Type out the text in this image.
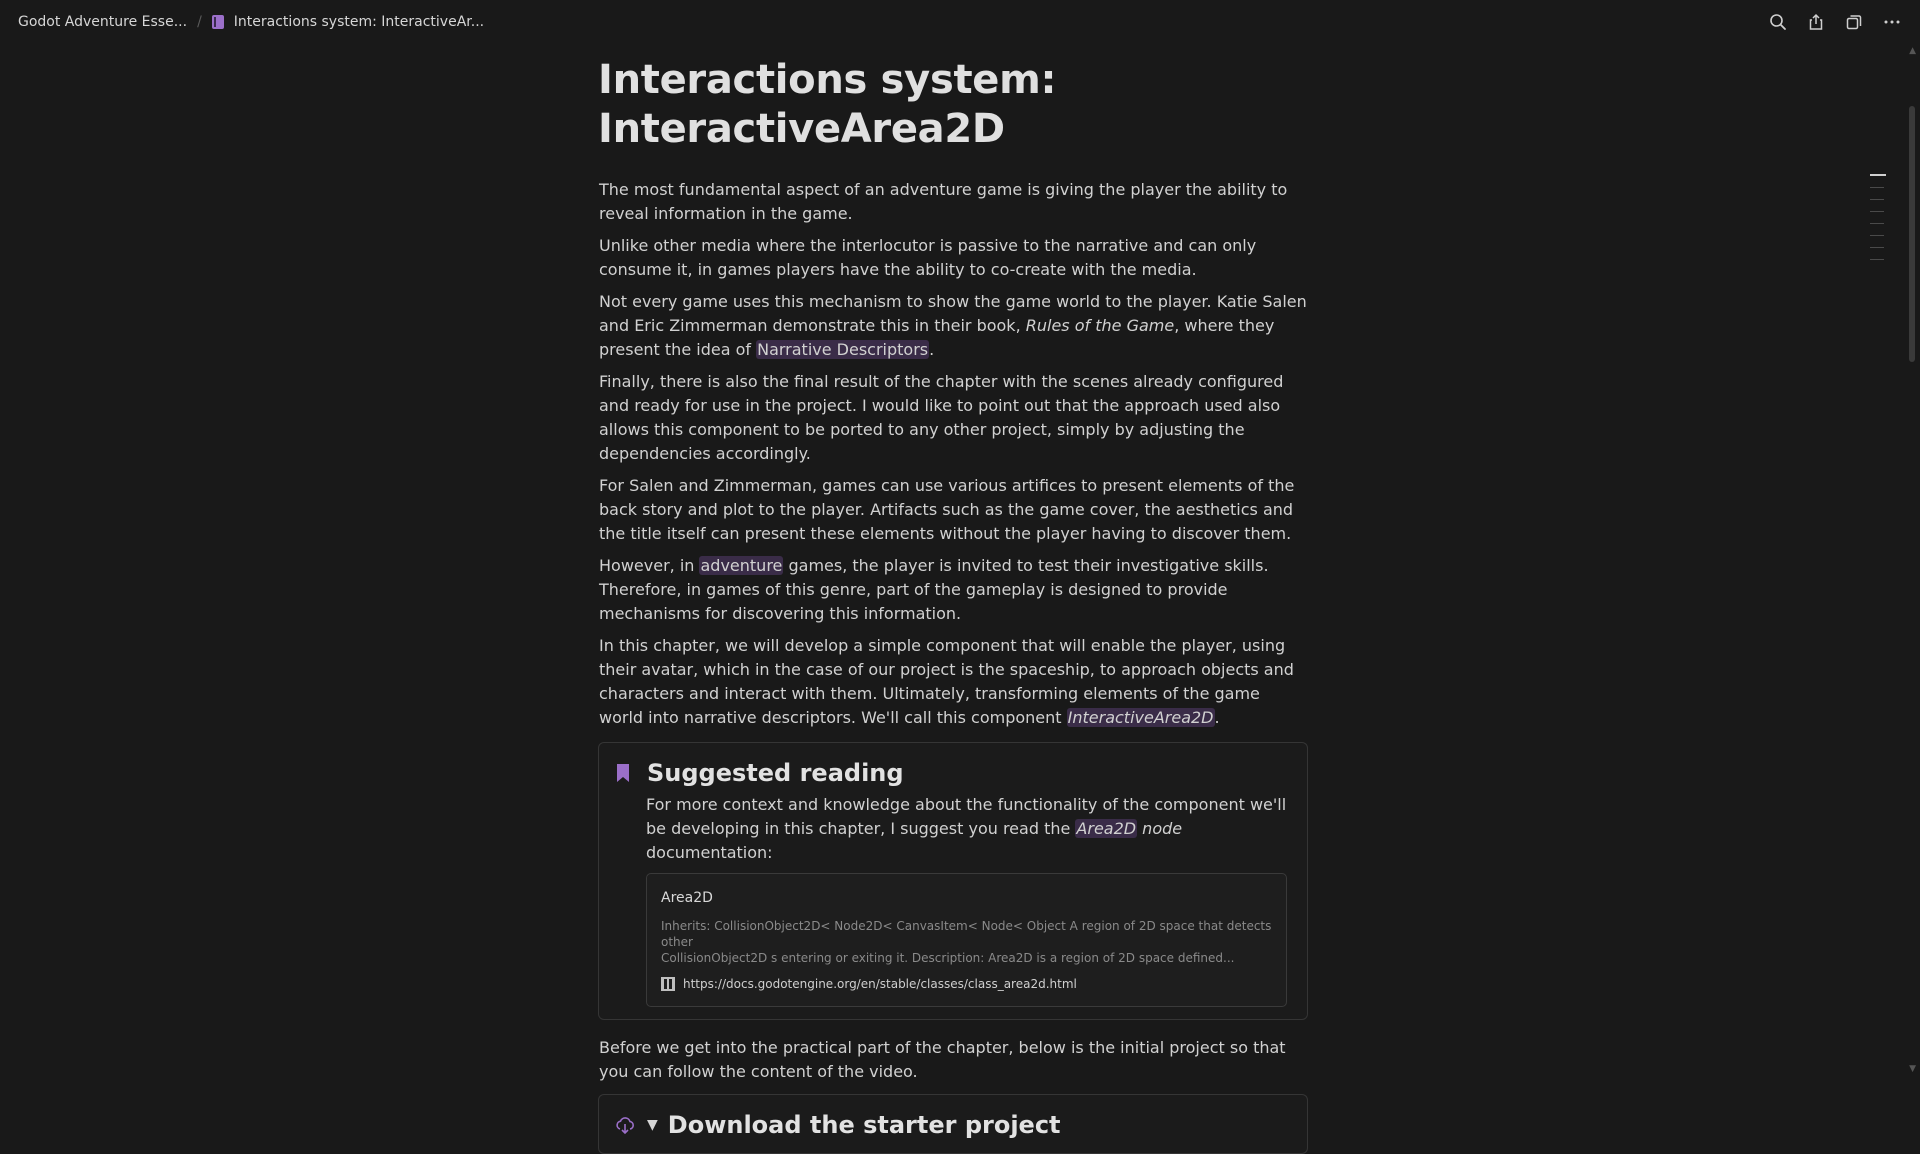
Godot Adventure Esse... / Interactions system: InteractiveAr...
▲
▼
Interactions system:
InteractiveArea2D

The most fundamental aspect of an adventure game is giving the player the ability to reveal information in the game.

Unlike other media where the interlocutor is passive to the narrative and can only consume it, in games players have the ability to co-create with the media.

Not every game uses this mechanism to show the game world to the player. Katie Salen and Eric Zimmerman demonstrate this in their book, Rules of the Game, where they present the idea of Narrative Descriptors.

Finally, there is also the final result of the chapter with the scenes already configured and ready for use in the project. I would like to point out that the approach used also allows this component to be ported to any other project, simply by adjusting the dependencies accordingly.

For Salen and Zimmerman, games can use various artifices to present elements of the back story and plot to the player. Artifacts such as the game cover, the aesthetics and the title itself can present these elements without the player having to discover them.

However, in adventure games, the player is invited to test their investigative skills. Therefore, in games of this genre, part of the gameplay is designed to provide mechanisms for discovering this information.

In this chapter, we will develop a simple component that will enable the player, using their avatar, which in the case of our project is the spaceship, to approach objects and characters and interact with them. Ultimately, transforming elements of the game world into narrative descriptors. We'll call this component InteractiveArea2D.

Suggested reading
For more context and knowledge about the functionality of the component we'll be developing in this chapter, I suggest you read the Area2D node documentation:
Area2D
Inherits: CollisionObject2D< Node2D< CanvasItem< Node< Object A region of 2D space that detects other
CollisionObject2D s entering or exiting it. Description: Area2D is a region of 2D space defined...
https://docs.godotengine.org/en/stable/classes/class_area2d.html

Before we get into the practical part of the chapter, below is the initial project so that you can follow the content of the video.

▼ Download the starter project
